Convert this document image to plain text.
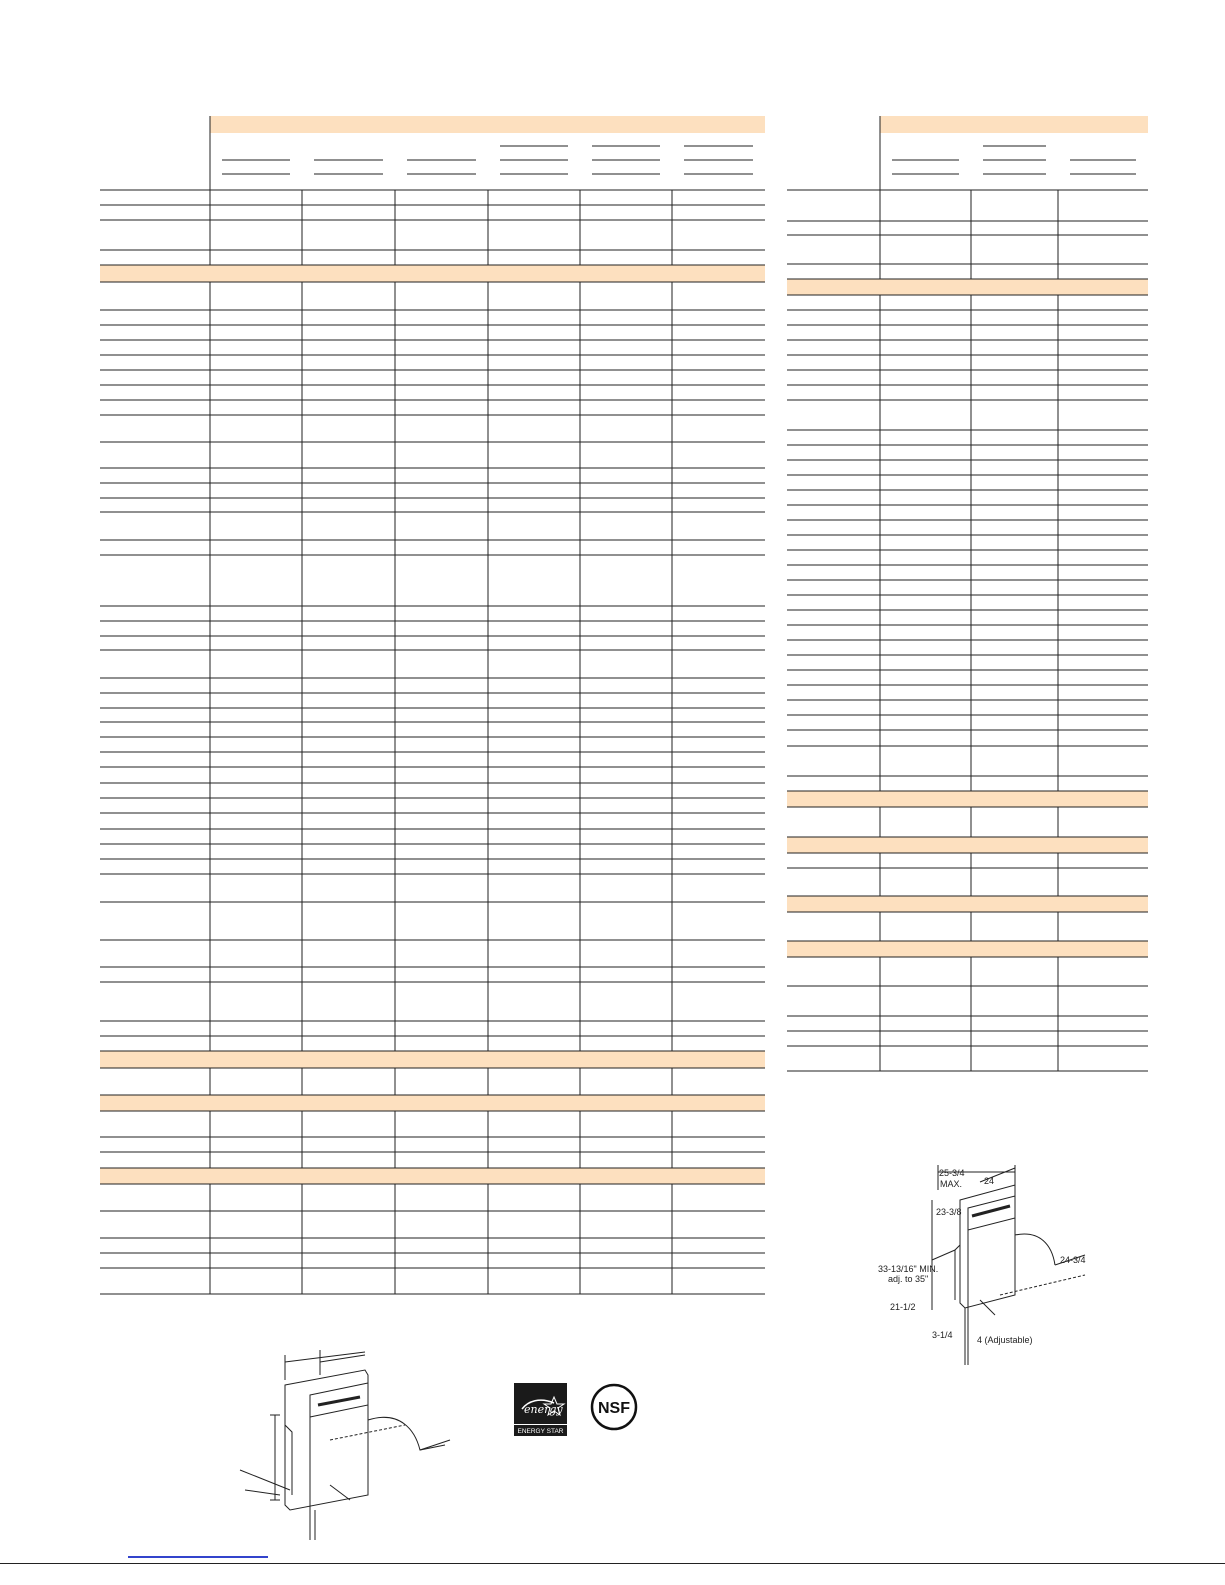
energy
ENERGY STAR
NSF
25-3/4
MAX. 24
23-3/8
33-13/16" MIN.
adj. to 35"
24-3/4
21-1/2
3-1/4	4 (Adjustable)
